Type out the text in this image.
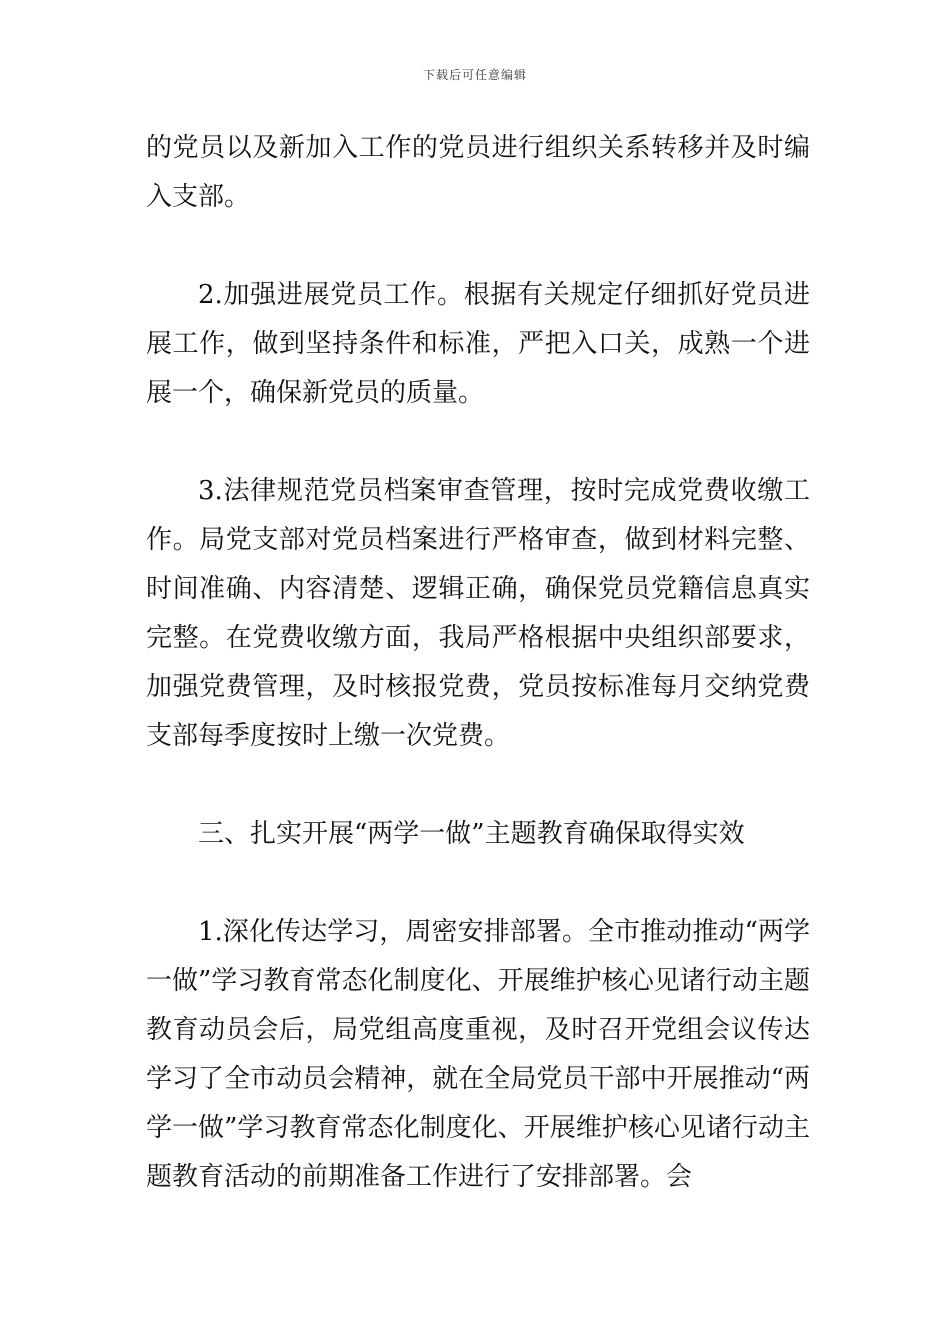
下载后可任意编辑

的党员以及新加入工作的党员进行组织关系转移并及时编入支部。

2.加强进展党员工作。根据有关规定仔细抓好党员进展工作，做到坚持条件和标准，严把入口关，成熟一个进展一个，确保新党员的质量。

3.法律规范党员档案审查管理，按时完成党费收缴工作。局党支部对党员档案进行严格审查，做到材料完整、时间准确、内容清楚、逻辑正确，确保党员党籍信息真实完整。在党费收缴方面，我局严格根据中央组织部要求，加强党费管理，及时核报党费，党员按标准每月交纳党费支部每季度按时上缴一次党费。

三、扎实开展“两学一做”主题教育确保取得实效

1.深化传达学习，周密安排部署。全市推动推动“两学一做”学习教育常态化制度化、开展维护核心见诸行动主题教育动员会后，局党组高度重视，及时召开党组会议传达学习了全市动员会精神，就在全局党员干部中开展推动“两学一做”学习教育常态化制度化、开展维护核心见诸行动主题教育活动的前期准备工作进行了安排部署。会
